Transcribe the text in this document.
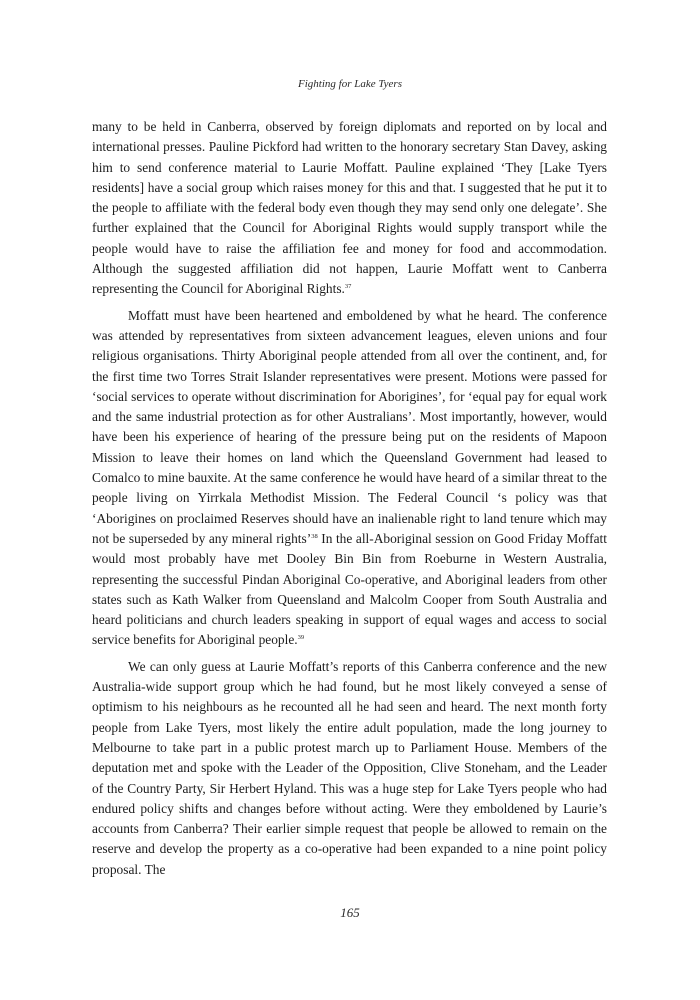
Fighting for Lake Tyers

many to be held in Canberra, observed by foreign diplomats and reported on by local and international presses. Pauline Pickford had written to the honorary secretary Stan Davey, asking him to send conference material to Laurie Moffatt. Pauline explained ‘They [Lake Tyers residents] have a social group which raises money for this and that. I suggested that he put it to the people to affiliate with the federal body even though they may send only one delegate’. She further explained that the Council for Aboriginal Rights would supply transport while the people would have to raise the affiliation fee and money for food and accommodation. Although the suggested affiliation did not happen, Laurie Moffatt went to Canberra representing the Council for Aboriginal Rights.$^{37}$

Moffatt must have been heartened and emboldened by what he heard. The conference was attended by representatives from sixteen advancement leagues, eleven unions and four religious organisations. Thirty Aboriginal people attended from all over the continent, and, for the first time two Torres Strait Islander representatives were present. Motions were passed for ‘social services to operate without discrimination for Aborigines’, for ‘equal pay for equal work and the same industrial protection as for other Australians’. Most importantly, however, would have been his experience of hearing of the pressure being put on the residents of Mapoon Mission to leave their homes on land which the Queensland Government had leased to Comalco to mine bauxite. At the same conference he would have heard of a similar threat to the people living on Yirrkala Methodist Mission. The Federal Council ‘s policy was that ‘Aborigines on proclaimed Reserves should have an inalienable right to land tenure which may not be superseded by any mineral rights’$^{38}$ In the all-Aboriginal session on Good Friday Moffatt would most probably have met Dooley Bin Bin from Roeburne in Western Australia, representing the successful Pindan Aboriginal Co-operative, and Aboriginal leaders from other states such as Kath Walker from Queensland and Malcolm Cooper from South Australia and heard politicians and church leaders speaking in support of equal wages and access to social service benefits for Aboriginal people.$^{39}$

We can only guess at Laurie Moffatt’s reports of this Canberra conference and the new Australia-wide support group which he had found, but he most likely conveyed a sense of optimism to his neighbours as he recounted all he had seen and heard. The next month forty people from Lake Tyers, most likely the entire adult population, made the long journey to Melbourne to take part in a public protest march up to Parliament House. Members of the deputation met and spoke with the Leader of the Opposition, Clive Stoneham, and the Leader of the Country Party, Sir Herbert Hyland. This was a huge step for Lake Tyers people who had endured policy shifts and changes before without acting. Were they emboldened by Laurie’s accounts from Canberra? Their earlier simple request that people be allowed to remain on the reserve and develop the property as a co-operative had been expanded to a nine point policy proposal. The

165
